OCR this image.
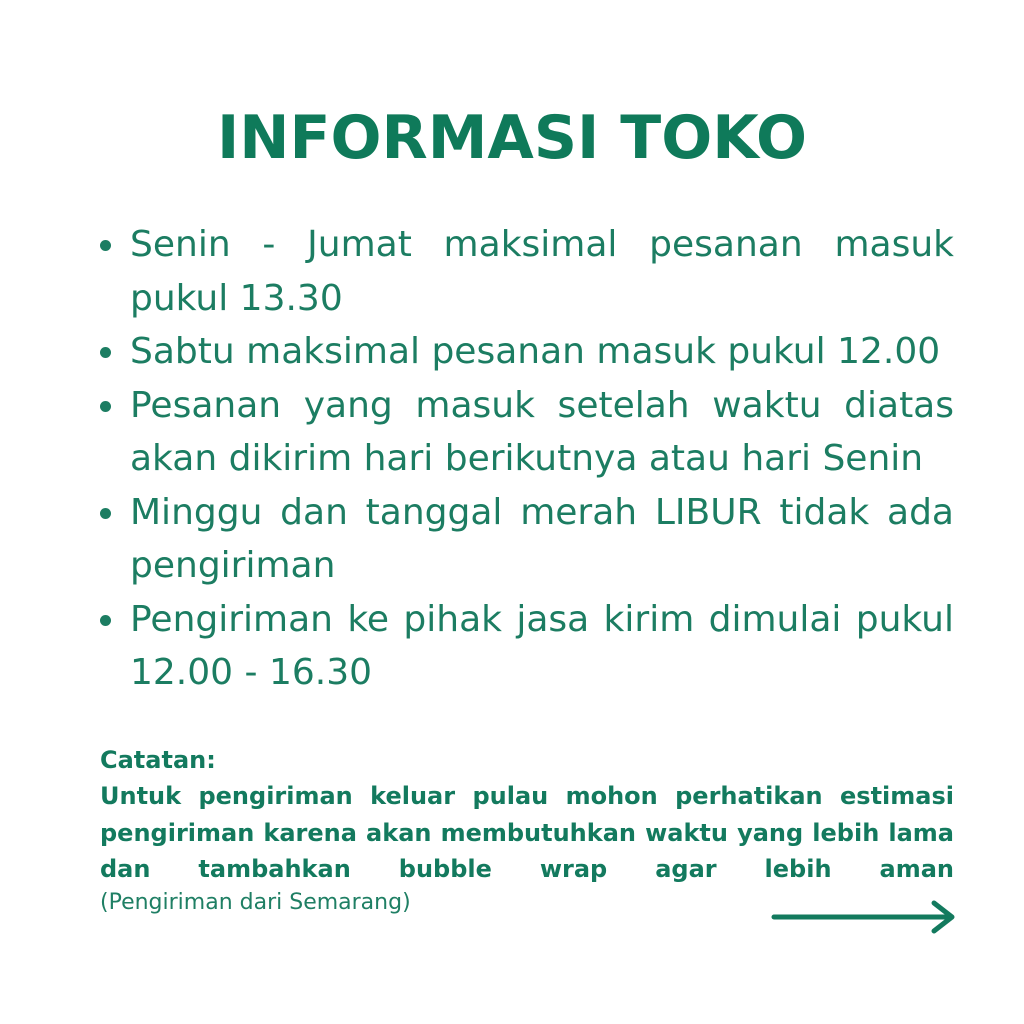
INFORMASI TOKO
Senin - Jumat maksimal pesanan masuk pukul 13.30
Sabtu maksimal pesanan masuk pukul 12.00
Pesanan yang masuk setelah waktu diatas akan dikirim hari berikutnya atau hari Senin
Minggu dan tanggal merah LIBUR tidak ada pengiriman
Pengiriman ke pihak jasa kirim dimulai pukul 12.00 - 16.30
Catatan:
Untuk pengiriman keluar pulau mohon perhatikan estimasi pengiriman karena akan membutuhkan waktu yang lebih lama dan tambahkan bubble wrap agar lebih aman
(Pengiriman dari Semarang)
